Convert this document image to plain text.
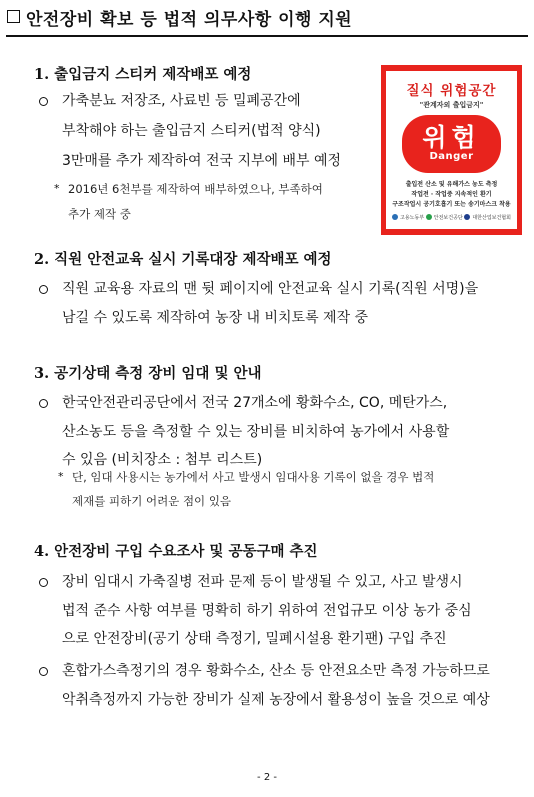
안전장비 확보 등 법적 의무사항 이행 지원
1. 출입금지 스티커 제작배포 예정
가축분뇨 저장조, 사료빈 등 밀폐공간에
부착해야 하는 출입금지 스티커(법적 양식)
3만매를 추가 제작하여 전국 지부에 배부 예정
* 2016년 6천부를 제작하여 배부하였으나, 부족하여
추가 제작 중
질식 위험공간
"관계자외 출입금지"
위험
Danger
출입전 산소 및 유해가스 농도 측정
작업전 · 작업중 지속적인 환기
구조작업시 공기호흡기 또는 송기마스크 착용
고용노동부	안전보건공단	대한산업보건협회
2. 직원 안전교육 실시 기록대장 제작배포 예정
직원 교육용 자료의 맨 뒷 페이지에 안전교육 실시 기록(직원 서명)을
남길 수 있도록 제작하여 농장 내 비치토록 제작 중
3. 공기상태 측정 장비 임대 및 안내
한국안전관리공단에서 전국 27개소에 황화수소, CO, 메탄가스,
산소농도 등을 측정할 수 있는 장비를 비치하여 농가에서 사용할
수 있음 (비치장소 : 첨부 리스트)
* 단, 임대 사용시는 농가에서 사고 발생시 임대사용 기록이 없을 경우 법적
제재를 피하기 어려운 점이 있음
4. 안전장비 구입 수요조사 및 공동구매 추진
장비 임대시 가축질병 전파 문제 등이 발생될 수 있고, 사고 발생시
법적 준수 사항 여부를 명확히 하기 위하여 전업규모 이상 농가 중심
으로 안전장비(공기 상태 측정기, 밀폐시설용 환기팬) 구입 추진
혼합가스측정기의 경우 황화수소, 산소 등 안전요소만 측정 가능하므로
악취측정까지 가능한 장비가 실제 농장에서 활용성이 높을 것으로 예상
- 2 -
